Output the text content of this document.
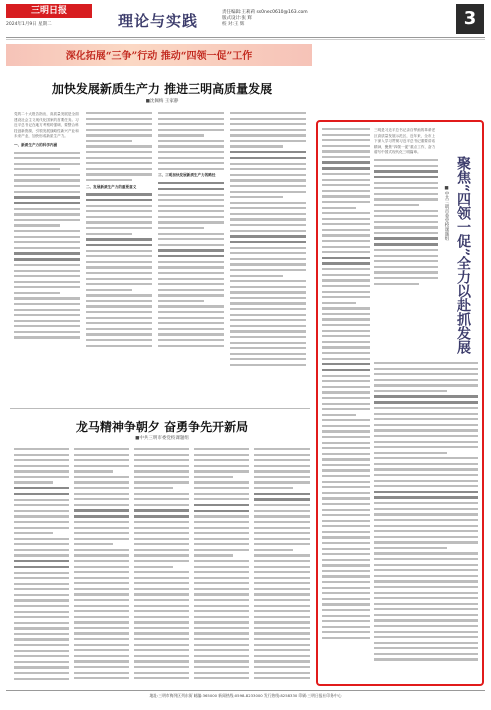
三明日报
2024年1月9日 星期二	理论与实践	责任编辑:王莉莉 ss0nec0610@163.com
版式设计:张 辉
校 对:王 辉	3
深化拓展“三争”行动 推动“四领一促”工作
加快发展新质生产力 推进三明高质量发展
■沈佩梅 王家静
党的二十大报告指出，高质量发展是全面建设社会主义现代化国家的首要任务。习近平总书记在地方考察时强调，要整合科技创新资源，引领发展战略性新兴产业和未来产业，加快形成新质生产力。
一、新质生产力的科学内涵
二、发展新质生产力的重要意义
三、三明加快发展新质生产力的路径
龙马精神争朝夕 奋勇争先开新局
■中共三明市委党校课题组
聚焦“四领一促”全力以赴抓发展
■中共三明市委党校课题组
三明是习近平总书记亲自擘画的革命老区高质量发展示范区，近年来，全市上下深入学习贯彻习近平总书记重要讲话精神，聚焦“四领一促”重点工作，奋力谱写中国式现代化三明篇章。
地址:三明市梅列区列东街 邮编:365000 新闻热线:0598-8233000 发行热线:8258330 印刷:三明日报社印务中心
